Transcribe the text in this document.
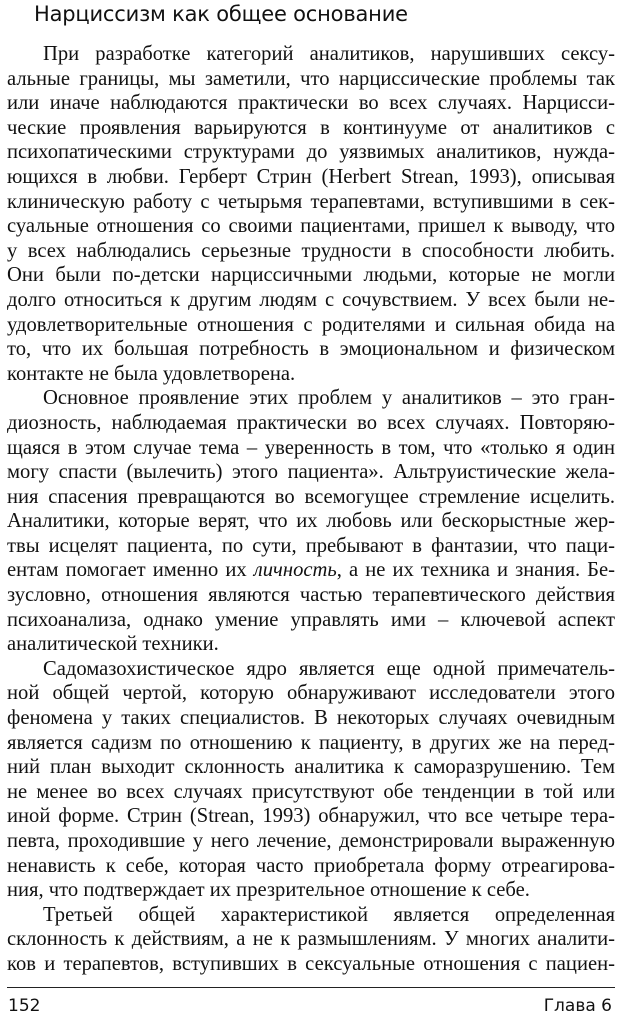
Нарциссизм как общее основание
При разработке категорий аналитиков, нарушивших сексу-
альные границы, мы заметили, что нарциссические проблемы так
или иначе наблюдаются практически во всех случаях. Нарцисси-
ческие проявления варьируются в континууме от аналитиков с
психопатическими структурами до уязвимых аналитиков, нужда-
ющихся в любви. Герберт Стрин (Herbert Strean, 1993), описывая
клиническую работу с четырьмя терапевтами, вступившими в сек-
суальные отношения со своими пациентами, пришел к выводу, что
у всех наблюдались серьезные трудности в способности любить.
Они были по-детски нарциссичными людьми, которые не могли
долго относиться к другим людям с сочувствием. У всех были не-
удовлетворительные отношения с родителями и сильная обида на
то, что их большая потребность в эмоциональном и физическом
контакте не была удовлетворена.
Основное проявление этих проблем у аналитиков – это гран-
диозность, наблюдаемая практически во всех случаях. Повторяю-
щаяся в этом случае тема – уверенность в том, что «только я один
могу спасти (вылечить) этого пациента». Альтруистические жела-
ния спасения превращаются во всемогущее стремление исцелить.
Аналитики, которые верят, что их любовь или бескорыстные жер-
твы исцелят пациента, по сути, пребывают в фантазии, что паци-
ентам помогает именно их личность, а не их техника и знания. Бе-
зусловно, отношения являются частью терапевтического действия
психоанализа, однако умение управлять ими – ключевой аспект
аналитической техники.
Садомазохистическое ядро является еще одной примечатель-
ной общей чертой, которую обнаруживают исследователи этого
феномена у таких специалистов. В некоторых случаях очевидным
является садизм по отношению к пациенту, в других же на перед-
ний план выходит склонность аналитика к саморазрушению. Тем
не менее во всех случаях присутствуют обе тенденции в той или
иной форме. Стрин (Strean, 1993) обнаружил, что все четыре тера-
певта, проходившие у него лечение, демонстрировали выраженную
ненависть к себе, которая часто приобретала форму отреагирова-
ния, что подтверждает их презрительное отношение к себе.
Третьей общей характеристикой является определенная
склонность к действиям, а не к размышлениям. У многих аналити-
ков и терапевтов, вступивших в сексуальные отношения с пациен-
152	Глава 6
